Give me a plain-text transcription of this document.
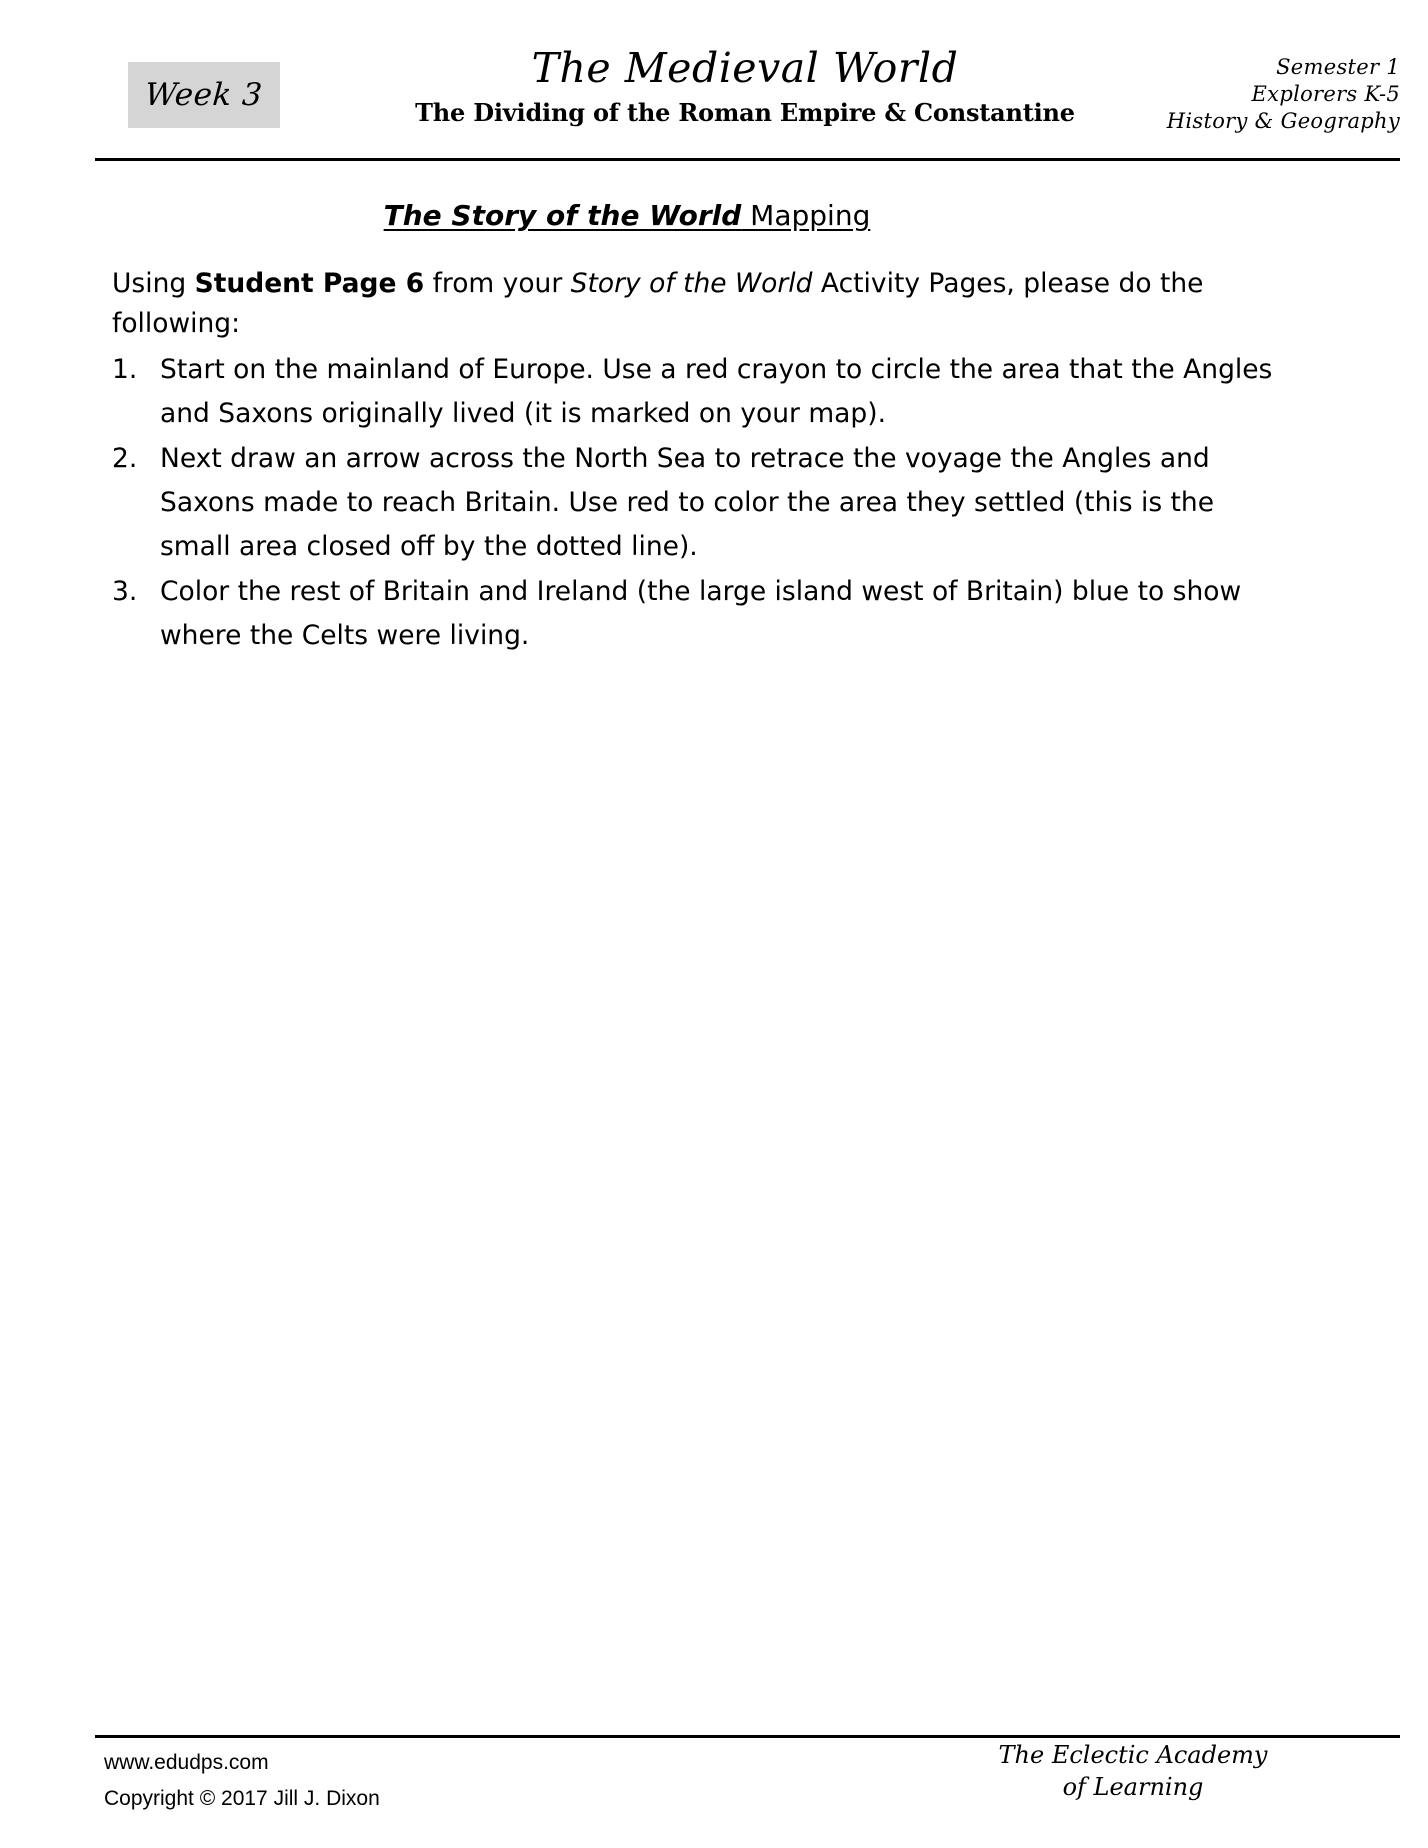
Week 3
The Medieval World
The Dividing of the Roman Empire & Constantine
Semester 1
Explorers K-5
History & Geography
The Story of the World Mapping

Using Student Page 6 from your Story of the World Activity Pages, please do the following:

1. Start on the mainland of Europe. Use a red crayon to circle the area that the Angles and Saxons originally lived (it is marked on your map).
2. Next draw an arrow across the North Sea to retrace the voyage the Angles and Saxons made to reach Britain. Use red to color the area they settled (this is the small area closed off by the dotted line).
3. Color the rest of Britain and Ireland (the large island west of Britain) blue to show where the Celts were living.
www.edudps.com
Copyright © 2017 Jill J. Dixon
The Eclectic Academy
of Learning
